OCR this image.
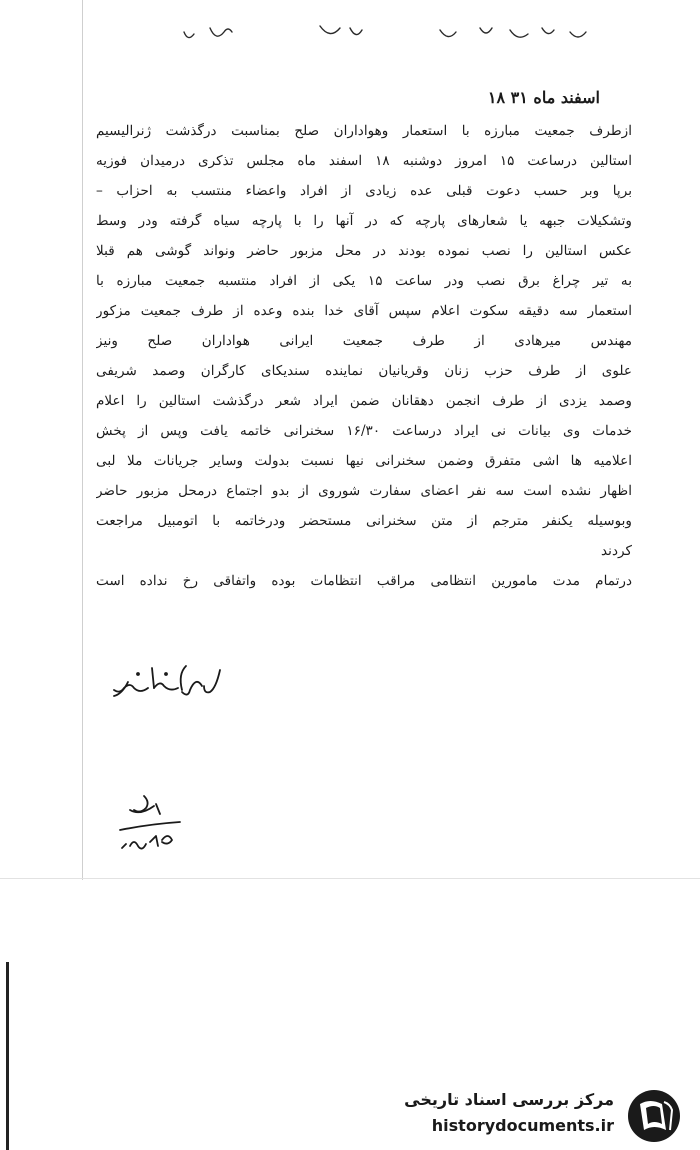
۱۸ اسفند ماه ۳۱
ازطرف جمعیت مبارزه با استعمار وهواداران صلح بمناسبت درگذشت ژنرالیسیم
استالین درساعت ۱۵ امروز دوشنبه ۱۸ اسفند ماه مجلس تذکری درمیدان فوزیه
برپا وبر حسب دعوت قبلی عده زیادی از افراد واعضاء منتسب به احزاب –
وتشکیلات جبهه یا شعارهای پارچه که در آنها را با پارچه سیاه گرفته ودر وسط
عکس استالین را نصب نموده بودند در محل مزبور حاضر ونواند گوشی هم قبلا
به تیر چراغ برق نصب ودر ساعت ۱۵ یکی از افراد منتسبه جمعیت مبارزه با
استعمار سه دقیقه سکوت اعلام سپس آقای خدا بنده وعده از طرف جمعیت مزکور
مهندس میرهادی از طرف جمعیت ایرانی هواداران صلح ونیز
علوی از طرف حزب زنان وقریانیان نماینده سندیکای کارگران وصمد شریفی
وصمد یزدی از طرف انجمن دهقانان ضمن ایراد شعر درگذشت استالین را اعلام
خدمات وی بیانات نی ایراد درساعت ۱۶/۳۰ سخنرانی خاتمه یافت وپس از پخش
اعلامیه ها اشی متفرق وضمن سخنرانی نیها نسبت بدولت وسایر جریانات ملا لبی
اظهار نشده است سه نفر اعضای سفارت شوروی از بدو اجتماع درمحل مزبور حاضر
وبوسیله یکنفر مترجم از متن سخنرانی مستحضر ودرخاتمه با اتومبیل مراجعت
کردند
درتمام مدت مامورین انتظامی مراقب انتظامات بوده واتفاقی رخ نداده است
مرکز بررسی اسناد تاریخی
historydocuments.ir
